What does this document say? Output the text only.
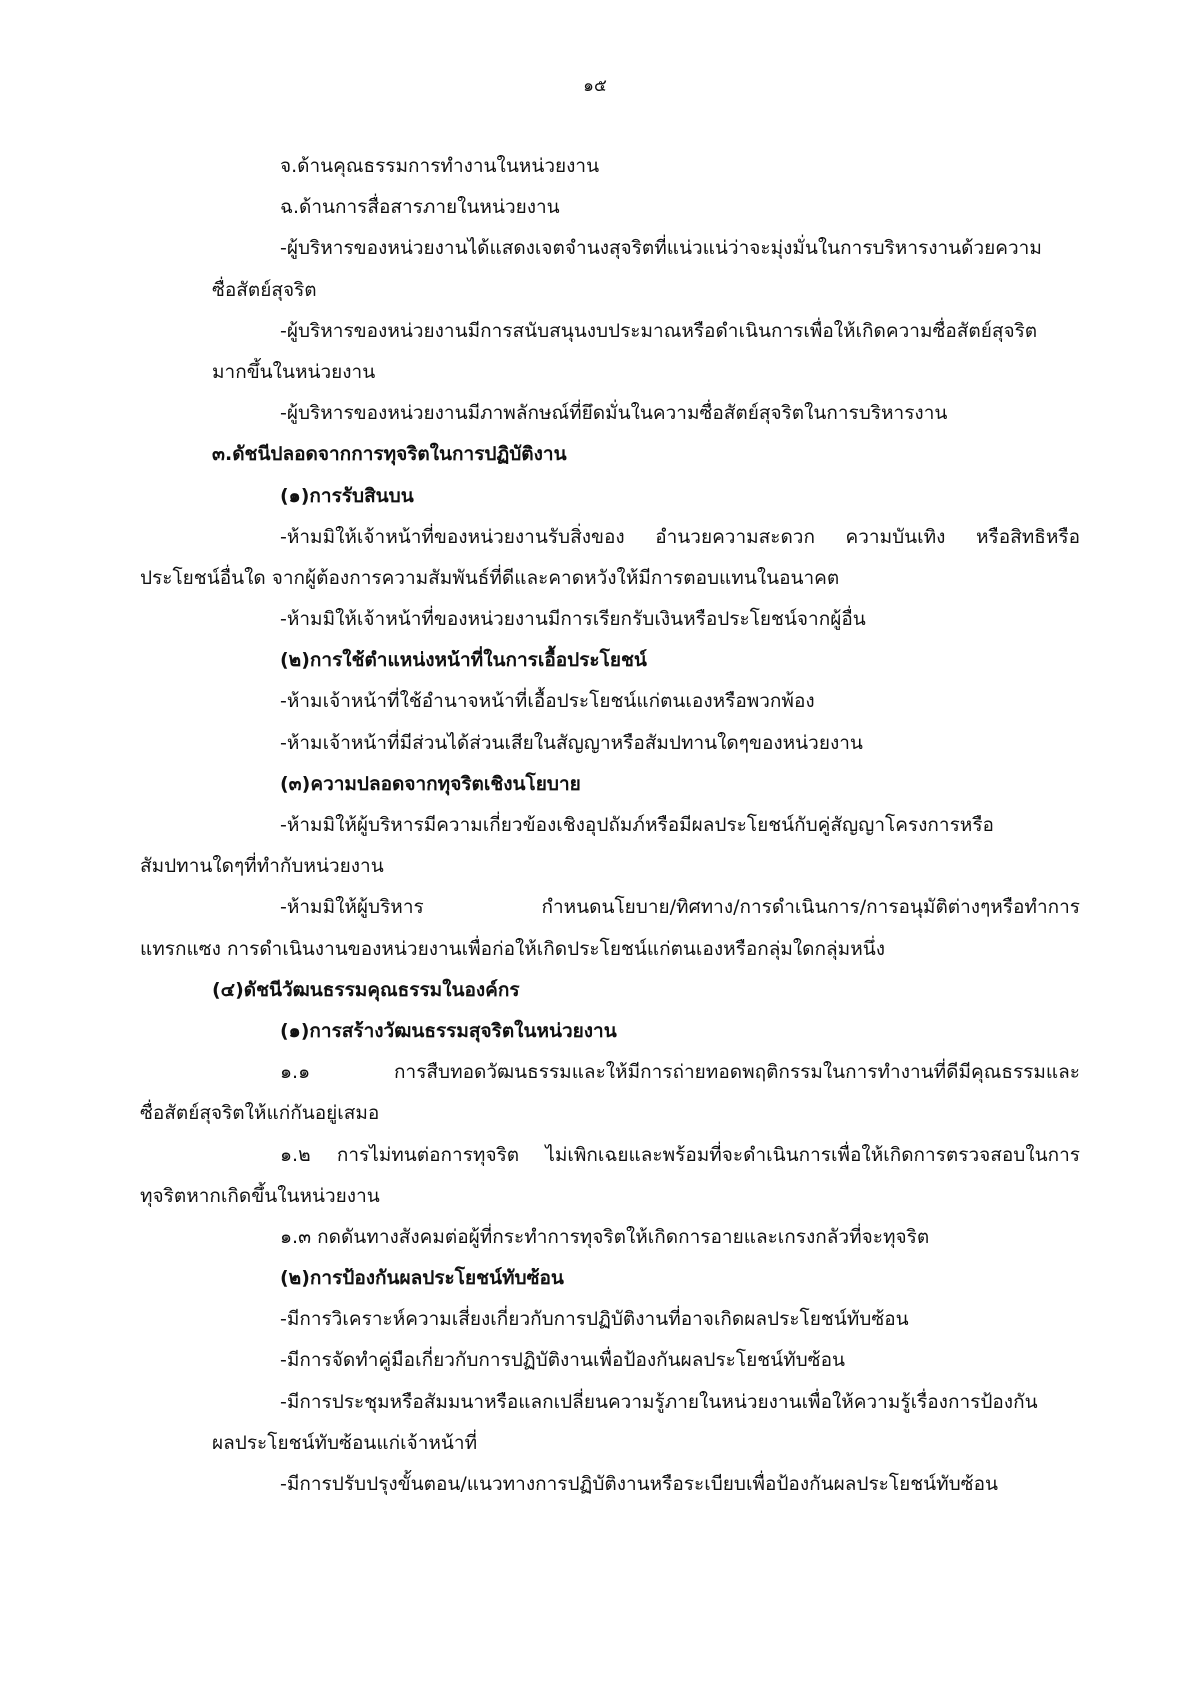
๑๕
จ.ด้านคุณธรรมการทำงานในหน่วยงาน
ฉ.ด้านการสื่อสารภายในหน่วยงาน
-ผู้บริหารของหน่วยงานได้แสดงเจตจำนงสุจริตที่แน่วแน่ว่าจะมุ่งมั่นในการบริหารงานด้วยความ
ซื่อสัตย์สุจริต
-ผู้บริหารของหน่วยงานมีการสนับสนุนงบประมาณหรือดำเนินการเพื่อให้เกิดความซื่อสัตย์สุจริต
มากขึ้นในหน่วยงาน
-ผู้บริหารของหน่วยงานมีภาพลักษณ์ที่ยึดมั่นในความซื่อสัตย์สุจริตในการบริหารงาน
๓.ดัชนีปลอดจากการทุจริตในการปฏิบัติงาน
(๑)การรับสินบน
-ห้ามมิให้เจ้าหน้าที่ของหน่วยงานรับสิ่งของ อำนวยความสะดวก ความบันเทิง หรือสิทธิหรือ
ประโยชน์อื่นใด จากผู้ต้องการความสัมพันธ์ที่ดีและคาดหวังให้มีการตอบแทนในอนาคต
-ห้ามมิให้เจ้าหน้าที่ของหน่วยงานมีการเรียกรับเงินหรือประโยชน์จากผู้อื่น
(๒)การใช้ตำแหน่งหน้าที่ในการเอื้อประโยชน์
-ห้ามเจ้าหน้าที่ใช้อำนาจหน้าที่เอื้อประโยชน์แก่ตนเองหรือพวกพ้อง
-ห้ามเจ้าหน้าที่มีส่วนได้ส่วนเสียในสัญญาหรือสัมปทานใดๆของหน่วยงาน
(๓)ความปลอดจากทุจริตเชิงนโยบาย
-ห้ามมิให้ผู้บริหารมีความเกี่ยวข้องเชิงอุปถัมภ์หรือมีผลประโยชน์กับคู่สัญญาโครงการหรือ
สัมปทานใดๆที่ทำกับหน่วยงาน
-ห้ามมิให้ผู้บริหาร กำหนดนโยบาย/ทิศทาง/การดำเนินการ/การอนุมัติต่างๆหรือทำการ
แทรกแซง การดำเนินงานของหน่วยงานเพื่อก่อให้เกิดประโยชน์แก่ตนเองหรือกลุ่มใดกลุ่มหนึ่ง
(๔)ดัชนีวัฒนธรรมคุณธรรมในองค์กร
(๑)การสร้างวัฒนธรรมสุจริตในหน่วยงาน
๑.๑ การสืบทอดวัฒนธรรมและให้มีการถ่ายทอดพฤติกรรมในการทำงานที่ดีมีคุณธรรมและ
ซื่อสัตย์สุจริตให้แก่กันอยู่เสมอ
๑.๒ การไม่ทนต่อการทุจริต ไม่เพิกเฉยและพร้อมที่จะดำเนินการเพื่อให้เกิดการตรวจสอบในการ
ทุจริตหากเกิดขึ้นในหน่วยงาน
๑.๓ กดดันทางสังคมต่อผู้ที่กระทำการทุจริตให้เกิดการอายและเกรงกลัวที่จะทุจริต
(๒)การป้องกันผลประโยชน์ทับซ้อน
-มีการวิเคราะห์ความเสี่ยงเกี่ยวกับการปฏิบัติงานที่อาจเกิดผลประโยชน์ทับซ้อน
-มีการจัดทำคู่มือเกี่ยวกับการปฏิบัติงานเพื่อป้องกันผลประโยชน์ทับซ้อน
-มีการประชุมหรือสัมมนาหรือแลกเปลี่ยนความรู้ภายในหน่วยงานเพื่อให้ความรู้เรื่องการป้องกัน
ผลประโยชน์ทับซ้อนแก่เจ้าหน้าที่
-มีการปรับปรุงขั้นตอน/แนวทางการปฏิบัติงานหรือระเบียบเพื่อป้องกันผลประโยชน์ทับซ้อน
